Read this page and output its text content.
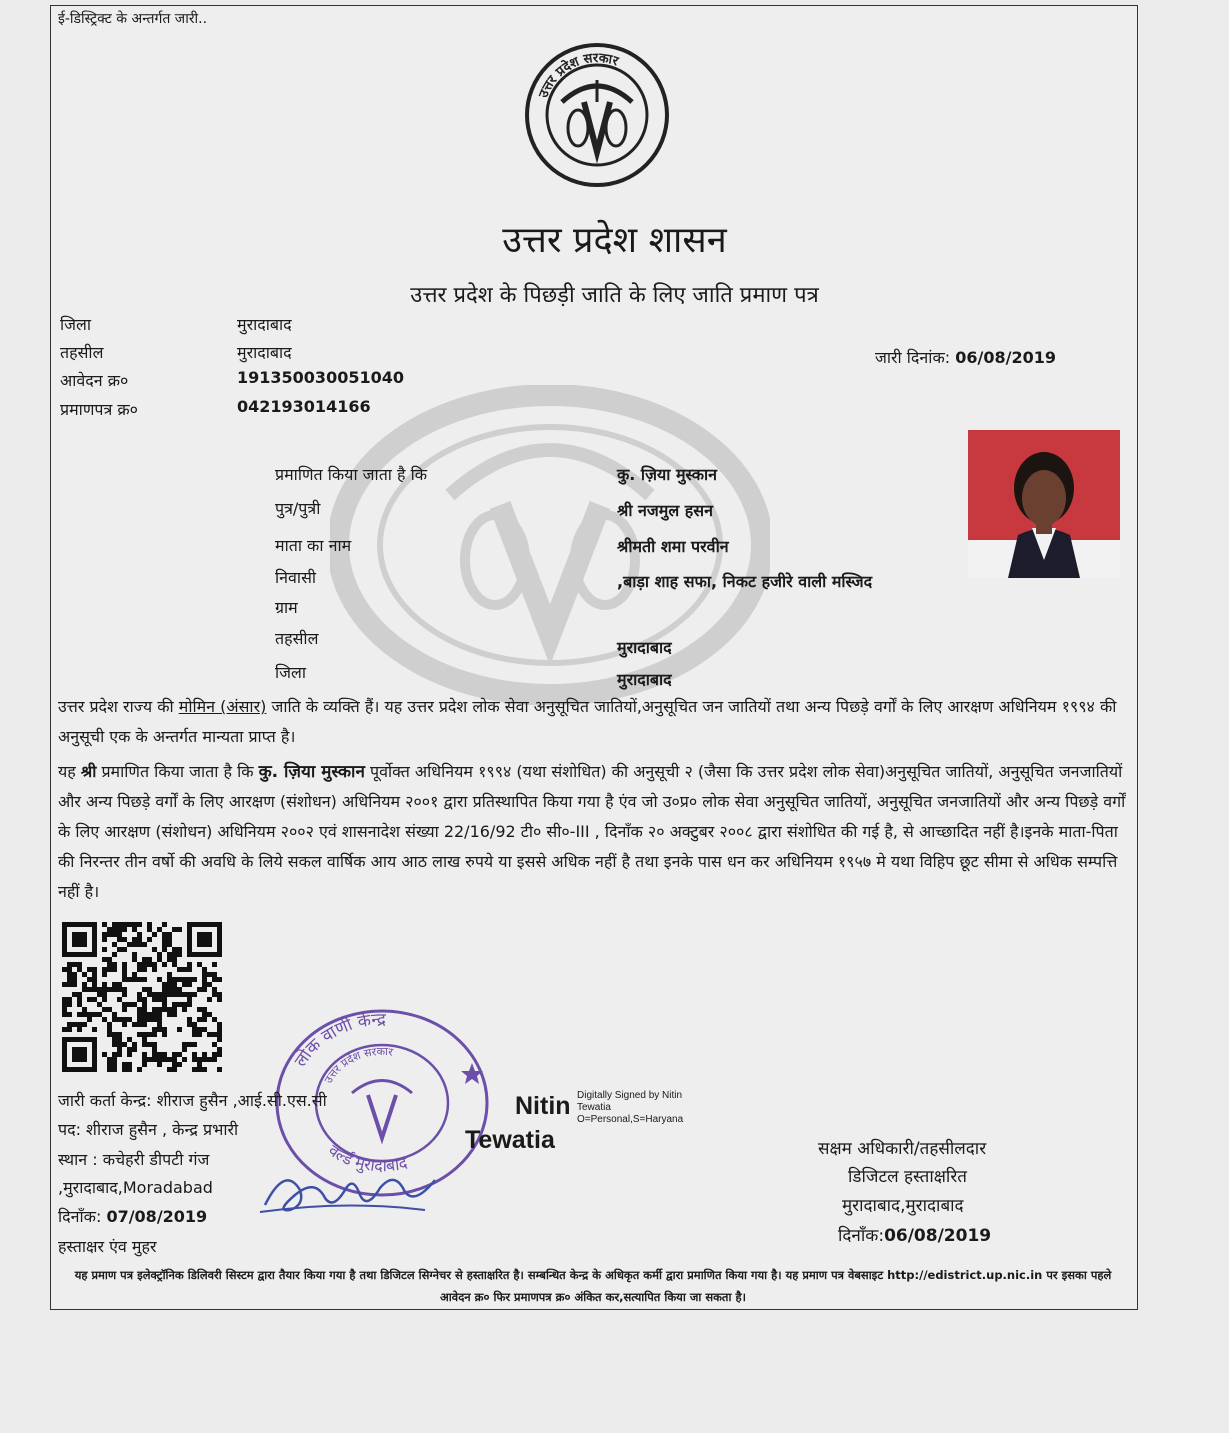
ई-डिस्ट्रिक्ट के अन्तर्गत जारी..
उत्तर प्रदेश सरकार
उत्तर प्रदेश शासन
उत्तर प्रदेश के पिछड़ी जाति के लिए जाति प्रमाण पत्र
जिला	मुरादाबाद
तहसील	मुरादाबाद
आवेदन क्र०	191350030051040
प्रमाणपत्र क्र०	042193014166
जारी दिनांक: 06/08/2019
प्रमाणित किया जाता है कि	कु. ज़िया मुस्कान
पुत्र/पुत्री	श्री नजमुल हसन
माता का नाम	श्रीमती शमा परवीन
निवासी	,बाड़ा शाह सफा, निकट हजीरे वाली मस्जिद
ग्राम
तहसील	मुरादाबाद
जिला	मुरादाबाद
उत्तर प्रदेश राज्य की मोमिन (अंसार) जाति के व्यक्ति हैं। यह उत्तर प्रदेश लोक सेवा अनुसूचित जातियों,अनुसूचित जन जातियों तथा अन्य पिछड़े वर्गों के लिए आरक्षण अधिनियम १९९४ की अनुसूची एक के अन्तर्गत मान्यता प्राप्त है।
यह श्री प्रमाणित किया जाता है कि कु. ज़िया मुस्कान पूर्वोक्त अधिनियम १९९४ (यथा संशोधित) की अनुसूची २ (जैसा कि उत्तर प्रदेश लोक सेवा)अनुसूचित जातियों, अनुसूचित जनजातियों और अन्य पिछड़े वर्गों के लिए आरक्षण (संशोधन) अधिनियम २००१ द्वारा प्रतिस्थापित किया गया है एंव जो उ०प्र० लोक सेवा अनुसूचित जातियों, अनुसूचित जनजातियों और अन्य पिछड़े वर्गों के लिए आरक्षण (संशोधन) अधिनियम २००२ एवं शासनादेश संख्या 22/16/92 टी० सी०-III , दिनाँक २० अक्टुबर २००८ द्वारा संशोधित की गई है, से आच्छादित नहीं है।इनके माता-पिता की निरन्तर तीन वर्षो की अवधि के लिये सकल वार्षिक आय आठ लाख रुपये या इससे अधिक नहीं है तथा इनके पास धन कर अधिनियम १९५७ मे यथा विहिप छूट सीमा से अधिक सम्पत्ति नहीं है।
लोक वाणी केन्द्र
उत्तर प्रदेश सरकार
वर्ल्ड मुरादाबाद
जारी कर्ता केन्द्र: शीराज हुसैन ,आई.सी.एस.सी
पद: शीराज हुसैन , केन्द्र प्रभारी
स्थान : कचेहरी डीपटी गंज
,मुरादाबाद,Moradabad
दिनाँक: 07/08/2019
हस्ताक्षर एंव मुहर
Nitin
Tewatia
Digitally Signed by Nitin
Tewatia
O=Personal,S=Haryana
सक्षम अधिकारी/तहसीलदार
डिजिटल हस्ताक्षरित
मुरादाबाद,मुरादाबाद
दिनाँक:06/08/2019
यह प्रमाण पत्र इलेक्ट्रॉनिक डिलिवरी सिस्टम द्वारा तैयार किया गया है तथा डिजिटल सिग्नेचर से हस्ताक्षरित है। सम्बन्धित केन्द्र के अधिकृत कर्मी द्वारा प्रमाणित किया गया है। यह प्रमाण पत्र वेबसाइट http://edistrict.up.nic.in पर इसका पहले आवेदन क्र० फिर प्रमाणपत्र क्र० अंकित कर,सत्यापित किया जा सकता है।
